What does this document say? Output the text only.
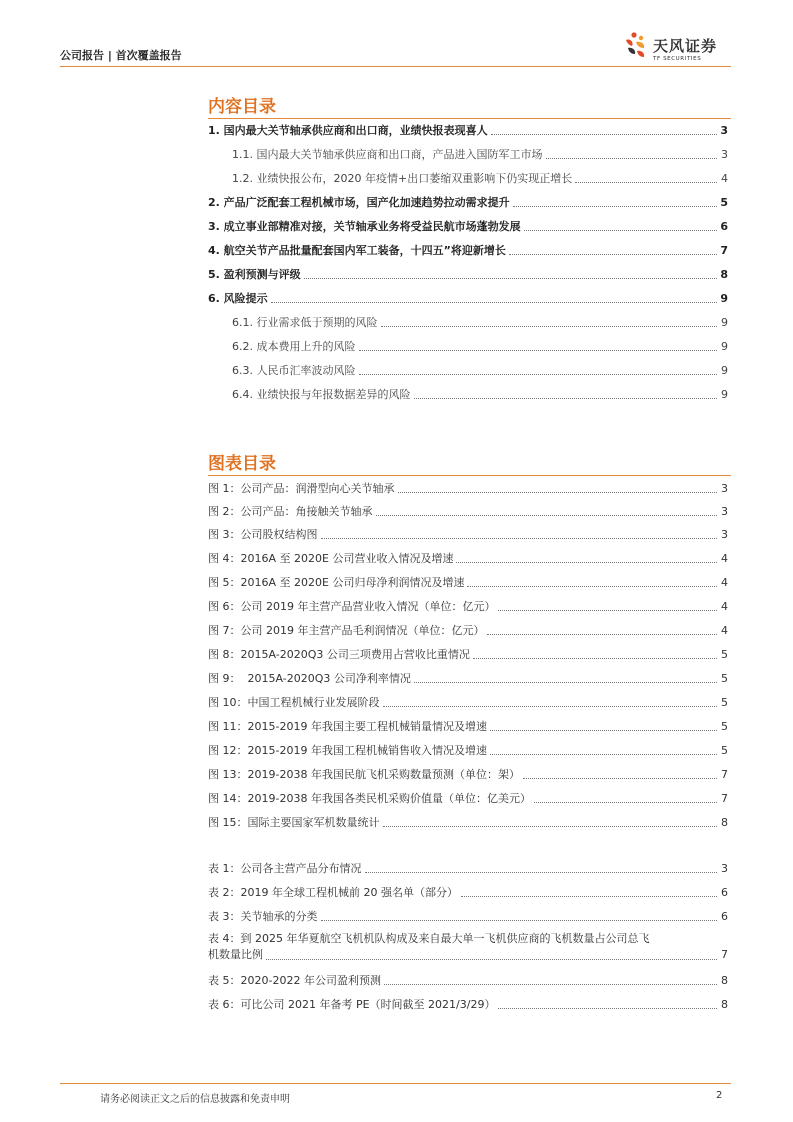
公司报告 | 首次覆盖报告
天风证券
TF SECURITIES
内容目录
1. 国内最大关节轴承供应商和出口商，业绩快报表现喜人	3
1.1. 国内最大关节轴承供应商和出口商，产品进入国防军工市场	3
1.2. 业绩快报公布，2020 年疫情+出口萎缩双重影响下仍实现正增长	4
2. 产品广泛配套工程机械市场，国产化加速趋势拉动需求提升	5
3. 成立事业部精准对接，关节轴承业务将受益民航市场蓬勃发展	6
4. 航空关节产品批量配套国内军工装备，十四五”将迎新增长	7
5. 盈利预测与评级	8
6. 风险提示	9
6.1. 行业需求低于预期的风险	9
6.2. 成本费用上升的风险	9
6.3. 人民币汇率波动风险	9
6.4. 业绩快报与年报数据差异的风险	9
图表目录
图 1：公司产品：润滑型向心关节轴承	3
图 2：公司产品：角接触关节轴承	3
图 3：公司股权结构图	3
图 4：2016A 至 2020E 公司营业收入情况及增速	4
图 5：2016A 至 2020E 公司归母净利润情况及增速	4
图 6：公司 2019 年主营产品营业收入情况（单位：亿元）	4
图 7：公司 2019 年主营产品毛利润情况（单位：亿元）	4
图 8：2015A-2020Q3 公司三项费用占营收比重情况	5
图 9：  2015A-2020Q3 公司净利率情况	5
图 10：中国工程机械行业发展阶段	5
图 11：2015-2019 年我国主要工程机械销量情况及增速	5
图 12：2015-2019 年我国工程机械销售收入情况及增速	5
图 13：2019-2038 年我国民航飞机采购数量预测（单位：架）	7
图 14：2019-2038 年我国各类民机采购价值量（单位：亿美元）	7
图 15：国际主要国家军机数量统计	8
表 1：公司各主营产品分布情况	3
表 2：2019 年全球工程机械前 20 强名单（部分）	6
表 3：关节轴承的分类	6
表 4：到 2025 年华夏航空飞机机队构成及来自最大单一飞机供应商的飞机数量占公司总飞
机数量比例	7
表 5：2020-2022 年公司盈利预测	8
表 6：可比公司 2021 年备考 PE（时间截至 2021/3/29）	8
请务必阅读正文之后的信息披露和免责申明	2
